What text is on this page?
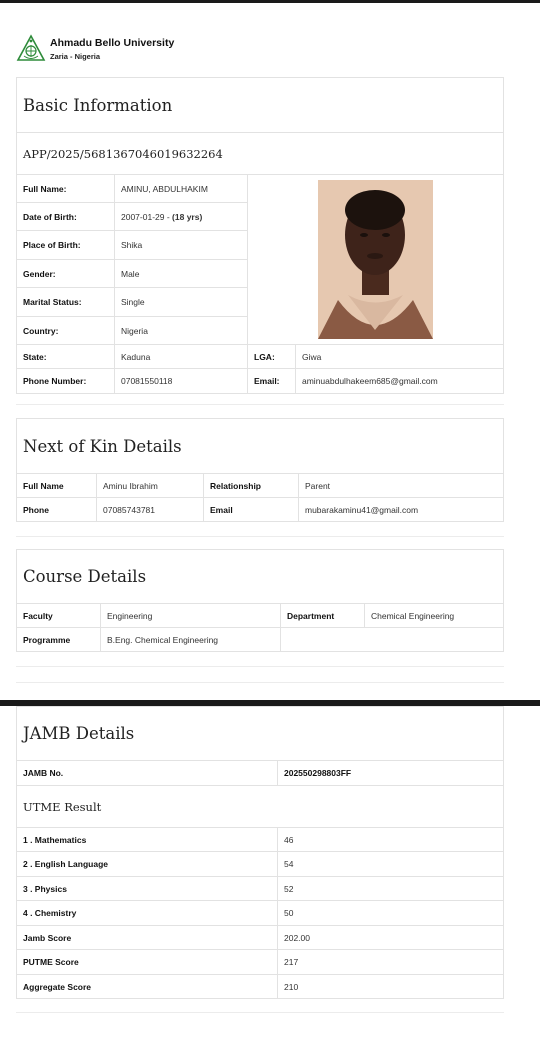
Ahmadu Bello University
Zaria - Nigeria
Basic Information
APP/2025/5681367046019632264
Full Name:	AMINU, ABDULHAKIM	

Date of Birth:	2007-01-29 - (18 yrs)		
Place of Birth:	Shika		
Gender:	Male		
Marital Status:	Single		
Country:	Nigeria		
State:	Kaduna	LGA:	Giwa
Phone Number:	07081550118	Email:	aminuabdulhakeem685@gmail.com
Next of Kin Details
Full Name	Aminu Ibrahim	Relationship	Parent
Phone	07085743781	Email	mubarakaminu41@gmail.com
Course Details
Faculty	Engineering	Department	Chemical Engineering
Programme	B.Eng. Chemical Engineering		
JAMB Details
JAMB No.	202550298803FF
UTME Result	
1 . Mathematics	46
2 . English Language	54
3 . Physics	52
4 . Chemistry	50
Jamb Score	202.00
PUTME Score	217
Aggregate Score	210
